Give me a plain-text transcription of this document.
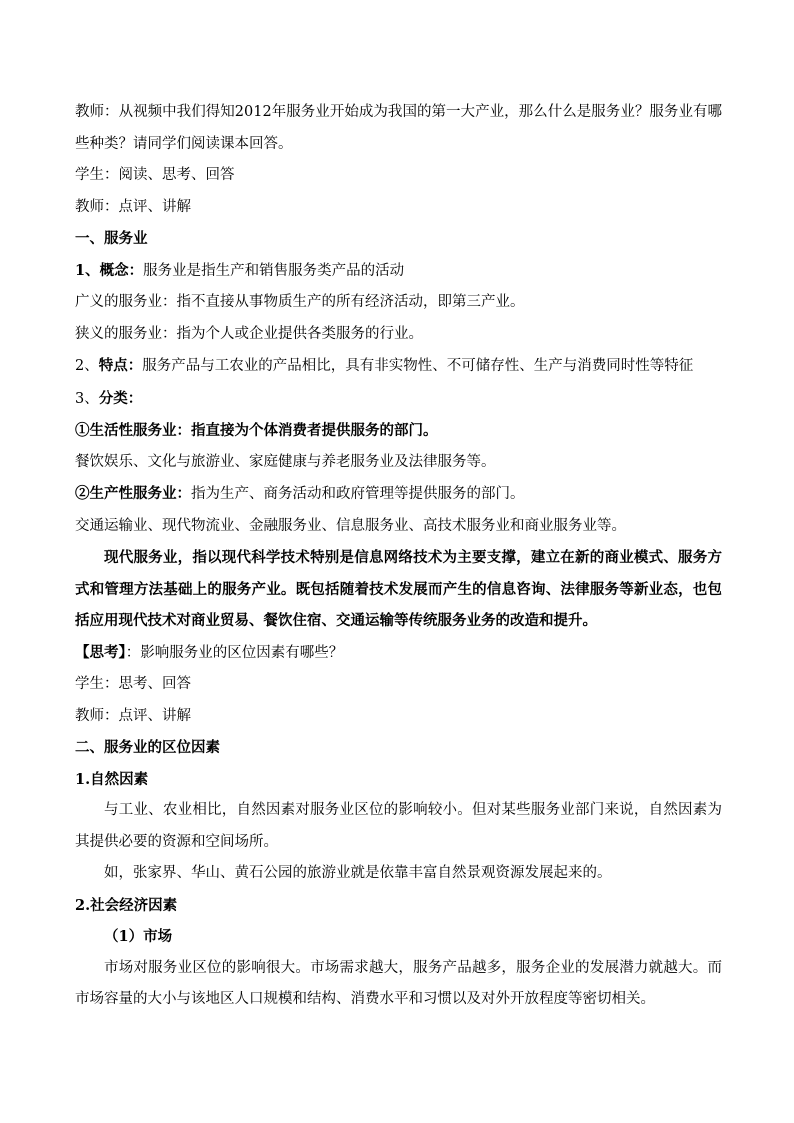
教师：从视频中我们得知2012年服务业开始成为我国的第一大产业，那么什么是服务业？服务业有哪些种类？请同学们阅读课本回答。

学生：阅读、思考、回答

教师：点评、讲解

一、服务业

1、概念：服务业是指生产和销售服务类产品的活动

广义的服务业：指不直接从事物质生产的所有经济活动，即第三产业。

狭义的服务业：指为个人或企业提供各类服务的行业。

2、特点：服务产品与工农业的产品相比，具有非实物性、不可储存性、生产与消费同时性等特征

3、分类：

①生活性服务业：指直接为个体消费者提供服务的部门。

餐饮娱乐、文化与旅游业、家庭健康与养老服务业及法律服务等。

②生产性服务业：指为生产、商务活动和政府管理等提供服务的部门。

交通运输业、现代物流业、金融服务业、信息服务业、高技术服务业和商业服务业等。

现代服务业，指以现代科学技术特别是信息网络技术为主要支撑，建立在新的商业模式、服务方式和管理方法基础上的服务产业。既包括随着技术发展而产生的信息咨询、法律服务等新业态，也包括应用现代技术对商业贸易、餐饮住宿、交通运输等传统服务业务的改造和提升。

【思考】：影响服务业的区位因素有哪些？

学生：思考、回答

教师：点评、讲解

二、服务业的区位因素

1.自然因素

与工业、农业相比，自然因素对服务业区位的影响较小。但对某些服务业部门来说，自然因素为其提供必要的资源和空间场所。

如，张家界、华山、黄石公园的旅游业就是依靠丰富自然景观资源发展起来的。

2.社会经济因素

（1）市场

市场对服务业区位的影响很大。市场需求越大，服务产品越多，服务企业的发展潜力就越大。而市场容量的大小与该地区人口规模和结构、消费水平和习惯以及对外开放程度等密切相关。
